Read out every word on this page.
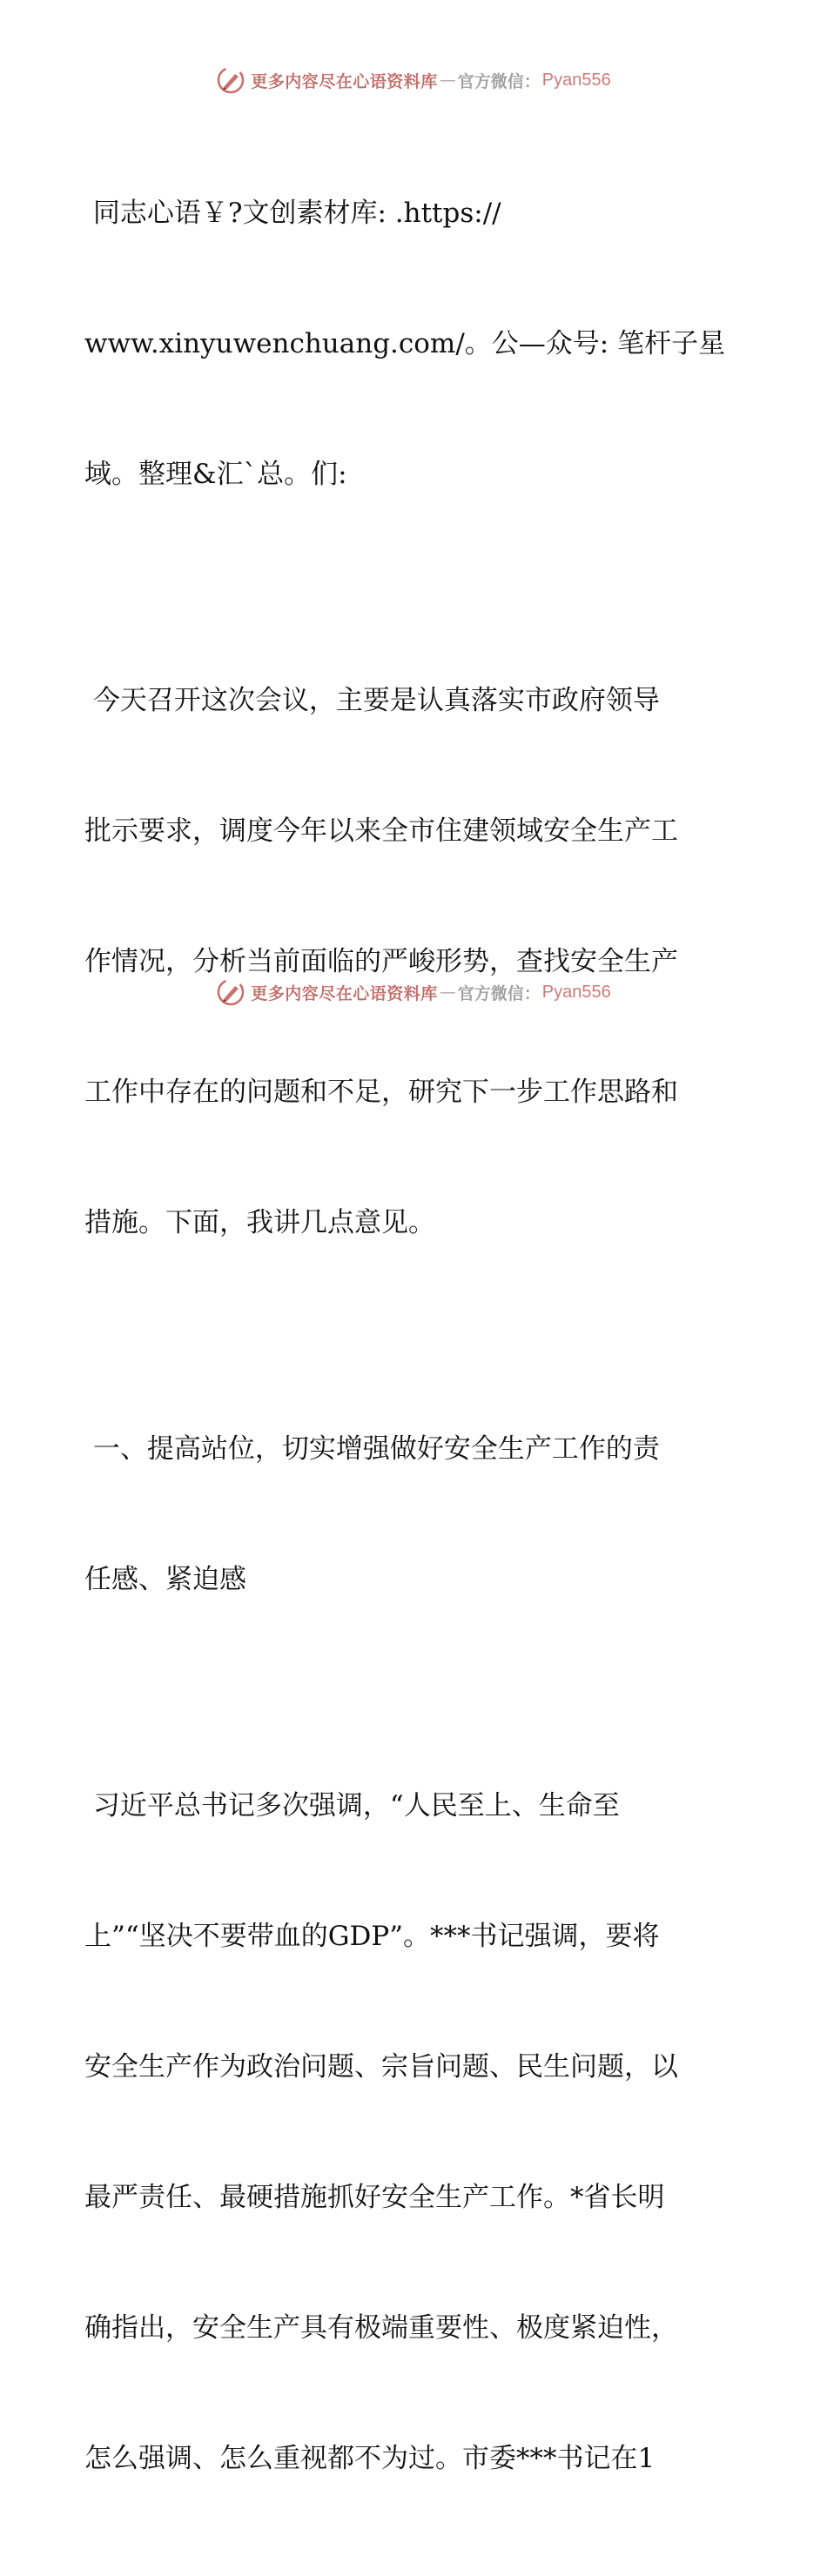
更多内容尽在心语资料库 — 官方微信： Pyan556

同志心语￥?文创素材库: .https://

www.xinyuwenchuang.com/。公—众号: 笔杆子星

域。整理&汇`总。们:

今天召开这次会议，主要是认真落实市政府领导

批示要求，调度今年以来全市住建领域安全生产工

作情况，分析当前面临的严峻形势，查找安全生产

工作中存在的问题和不足，研究下一步工作思路和

措施。下面，我讲几点意见。

一、提高站位，切实增强做好安全生产工作的责

任感、紧迫感

习近平总书记多次强调，“人民至上、生命至

上”“坚决不要带血的GDP”。***书记强调，要将

安全生产作为政治问题、宗旨问题、民生问题，以

最严责任、最硬措施抓好安全生产工作。*省长明

确指出，安全生产具有极端重要性、极度紧迫性，

怎么强调、怎么重视都不为过。市委***书记在1

更多内容尽在心语资料库 — 官方微信： Pyan556
